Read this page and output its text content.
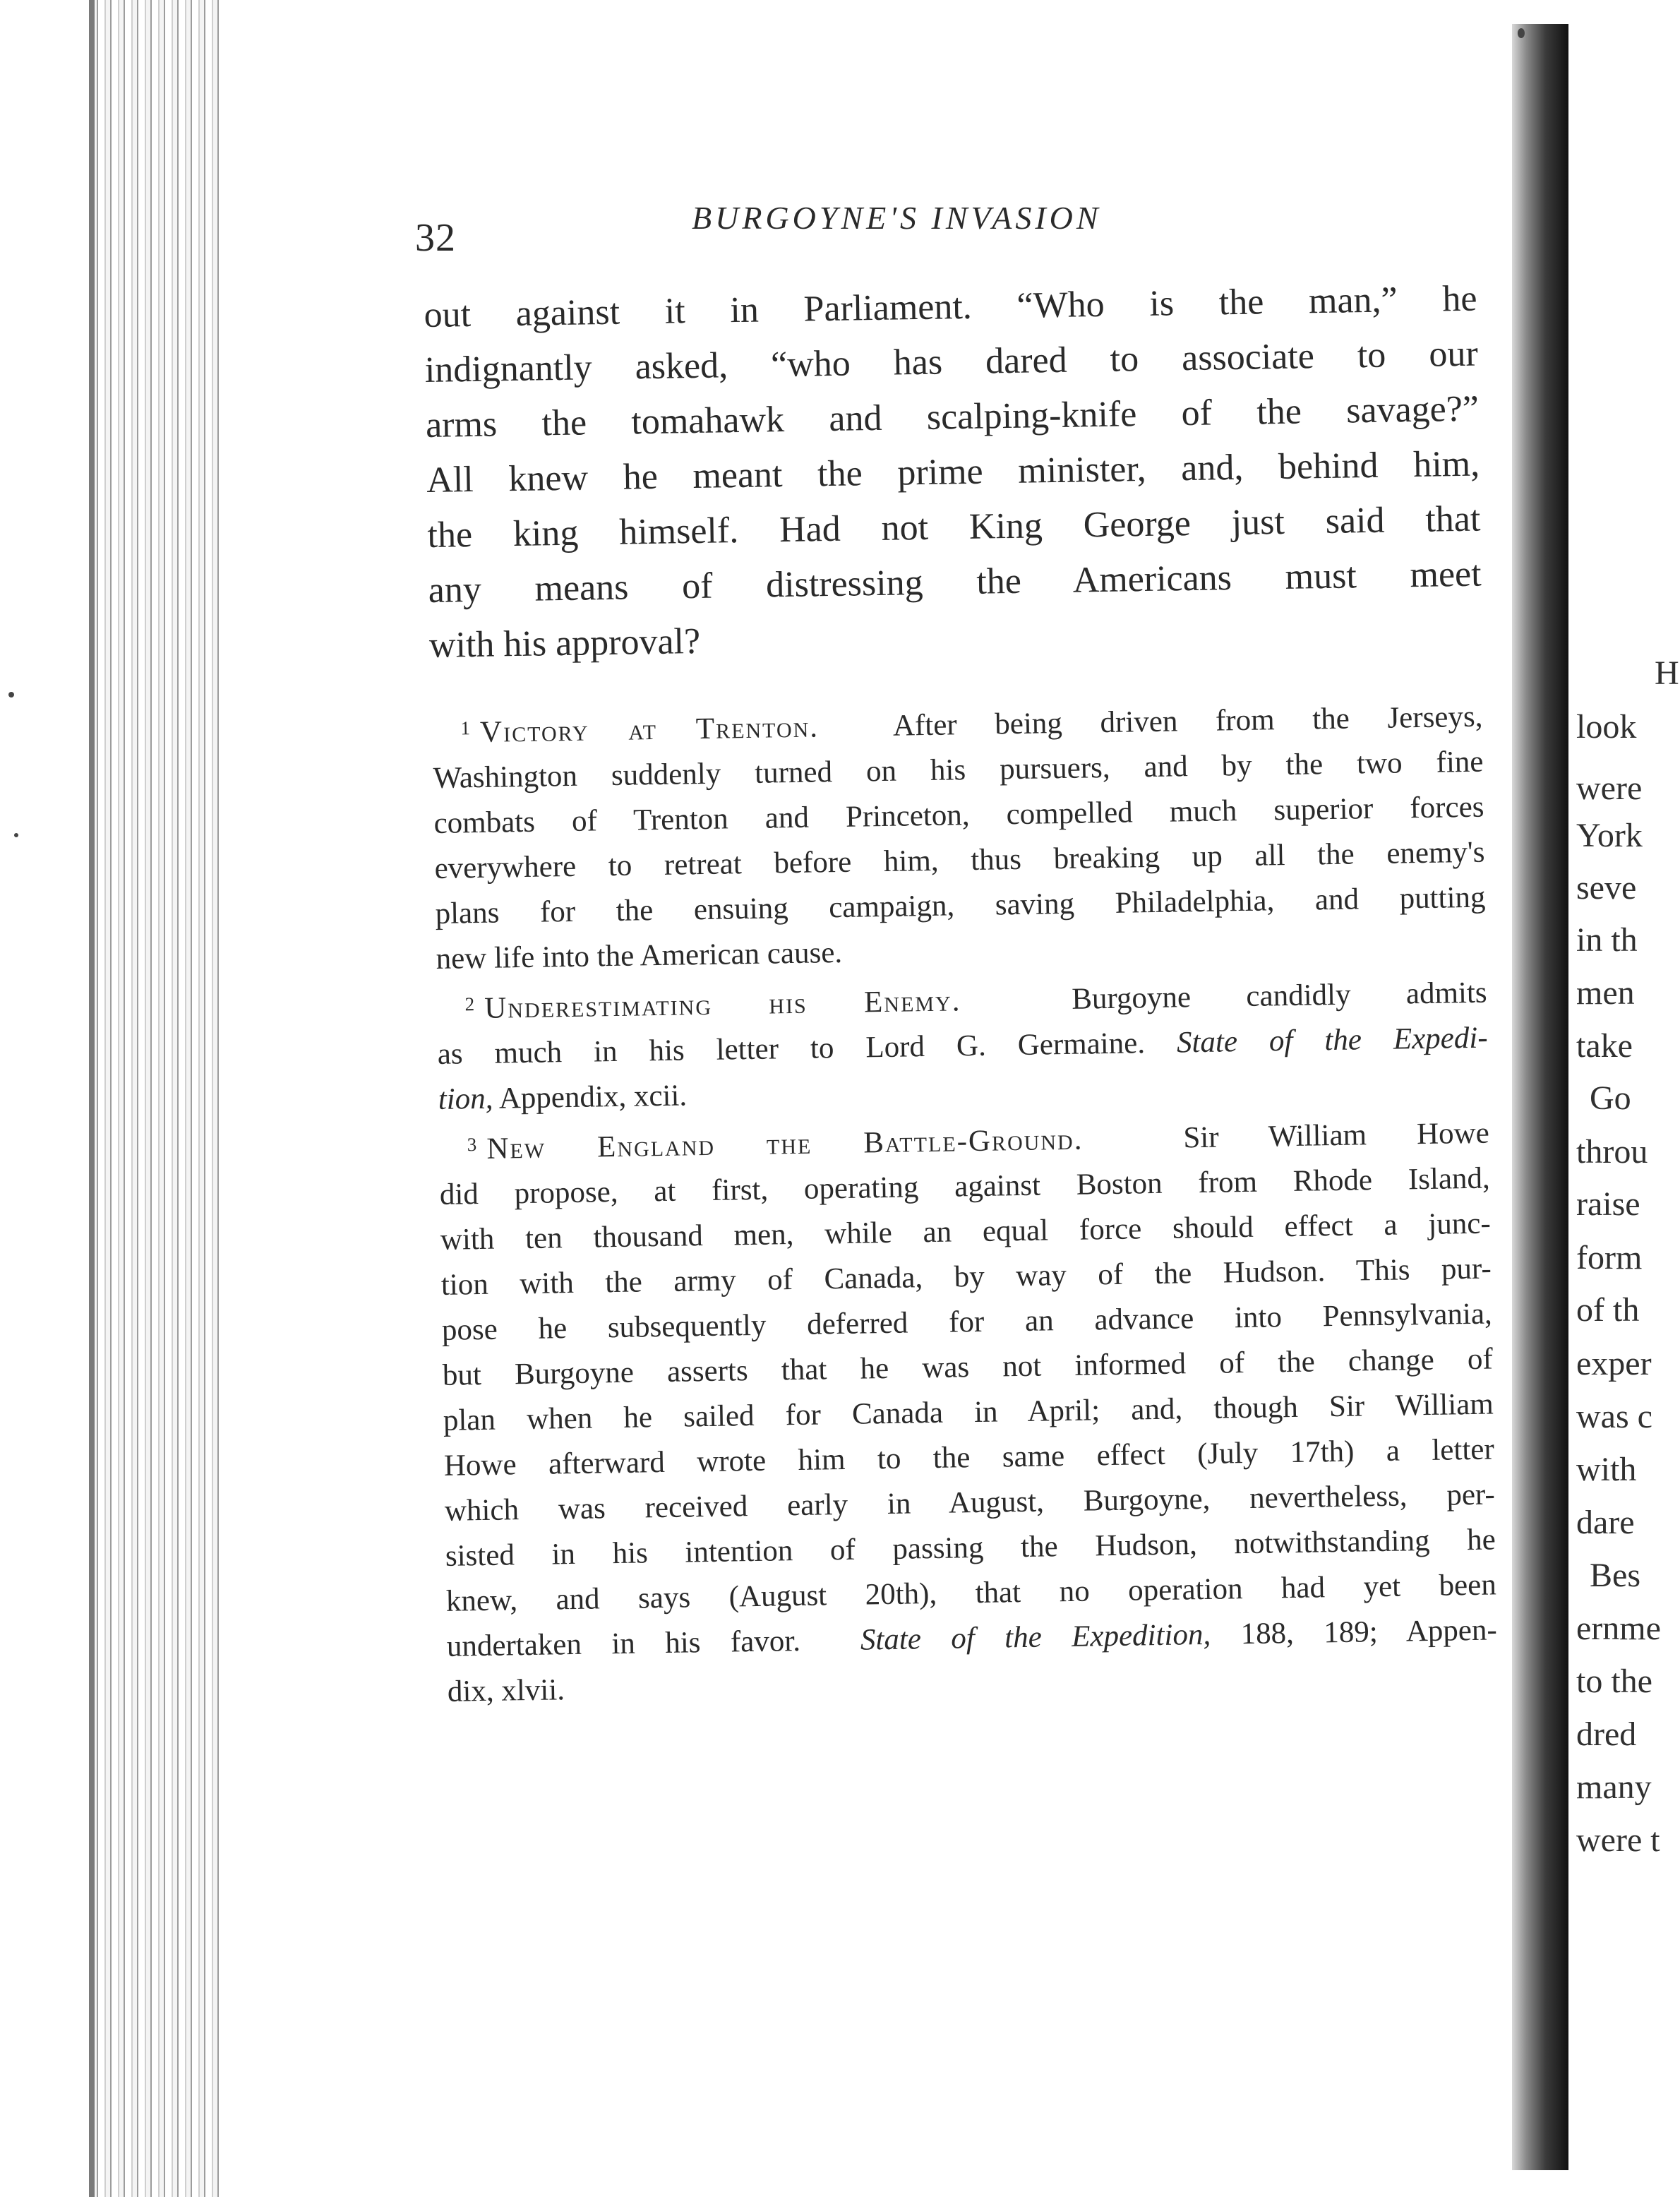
32	BURGOYNE'S INVASION
out against it in Parliament. “Who is the man,” he
indignantly asked, “who has dared to associate to our
arms the tomahawk and scalping-knife of the savage?”
All knew he meant the prime minister, and, behind him,
the king himself. Had not King George just said that
any means of distressing the Americans must meet
with his approval?
$^1$ Victory at Trenton. After being driven from the Jerseys,
Washington suddenly turned on his pursuers, and by the two fine
combats of Trenton and Princeton, compelled much superior forces
everywhere to retreat before him, thus breaking up all the enemy's
plans for the ensuing campaign, saving Philadelphia, and putting
new life into the American cause.
$^2$ Underestimating his Enemy.	Burgoyne candidly admits
as much in his letter to Lord G. Germaine. State of the Expedi-
tion, Appendix, xcii.
$^3$ New England the Battle-Ground.	Sir William Howe
did propose, at first, operating against Boston from Rhode Island,
with ten thousand men, while an equal force should effect a junc-
tion with the army of Canada, by way of the Hudson. This pur-
pose he subsequently deferred for an advance into Pennsylvania,
but Burgoyne asserts that he was not informed of the change of
plan when he sailed for Canada in April; and, though Sir William
Howe afterward wrote him to the same effect (July 17th) a letter
which was received early in August, Burgoyne, nevertheless, per-
sisted in his intention of passing the Hudson, notwithstanding he
knew, and says (August 20th), that no operation had yet been
undertaken in his favor. State of the Expedition, 188, 189; Appen-
dix, xlvii.
H
look
were
York
seve
in th
men
take
Go
throu
raise
form
of th
exper
was c
with
dare
Bes
ernme
to the
dred
many
were t
